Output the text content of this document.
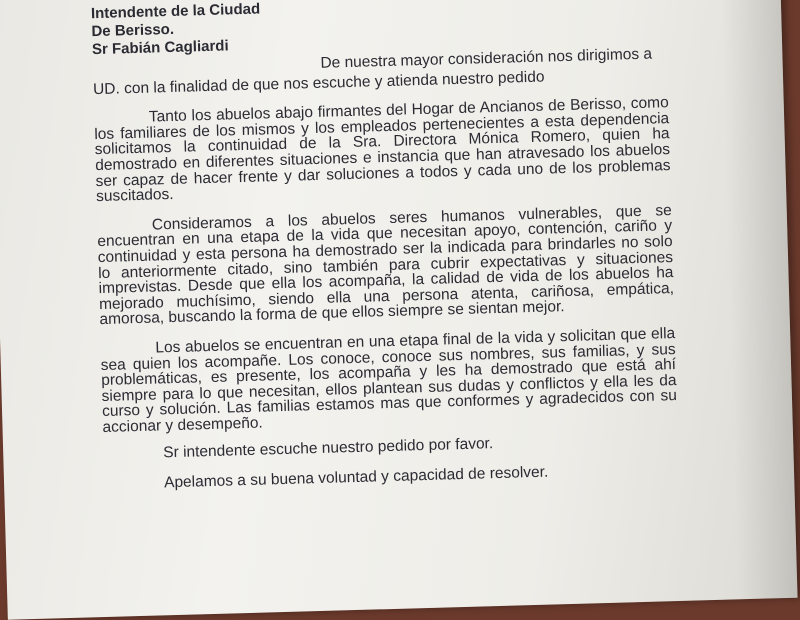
Intendente de la Ciudad
De Berisso.
Sr Fabián Cagliardi	De nuestra mayor consideración nos dirigimos a
UD. con la finalidad de que nos escuche y atienda nuestro pedido

Tanto los abuelos abajo firmantes del Hogar de Ancianos de Berisso, como los familiares de los mismos y los empleados pertenecientes a esta dependencia solicitamos la continuidad de la Sra. Directora Mónica Romero, quien ha demostrado en diferentes situaciones e instancia que han atravesado los abuelos ser capaz de hacer frente y dar soluciones a todos y cada uno de los problemas suscitados.

Consideramos a los abuelos seres humanos vulnerables, que se encuentran en una etapa de la vida que necesitan apoyo, contención, cariño y continuidad y esta persona ha demostrado ser la indicada para brindarles no solo lo anteriormente citado, sino también para cubrir expectativas y situaciones imprevistas. Desde que ella los acompaña, la calidad de vida de los abuelos ha mejorado muchísimo, siendo ella una persona atenta, cariñosa, empática, amorosa, buscando la forma de que ellos siempre se sientan mejor.

Los abuelos se encuentran en una etapa final de la vida y solicitan que ella sea quien los acompañe. Los conoce, conoce sus nombres, sus familias, y sus problemáticas, es presente, los acompaña y les ha demostrado que está ahí siempre para lo que necesitan, ellos plantean sus dudas y conflictos y ella les da curso y solución. Las familias estamos mas que conformes y agradecidos con su accionar y desempeño.

Sr intendente escuche nuestro pedido por favor.

Apelamos a su buena voluntad y capacidad de resolver.
